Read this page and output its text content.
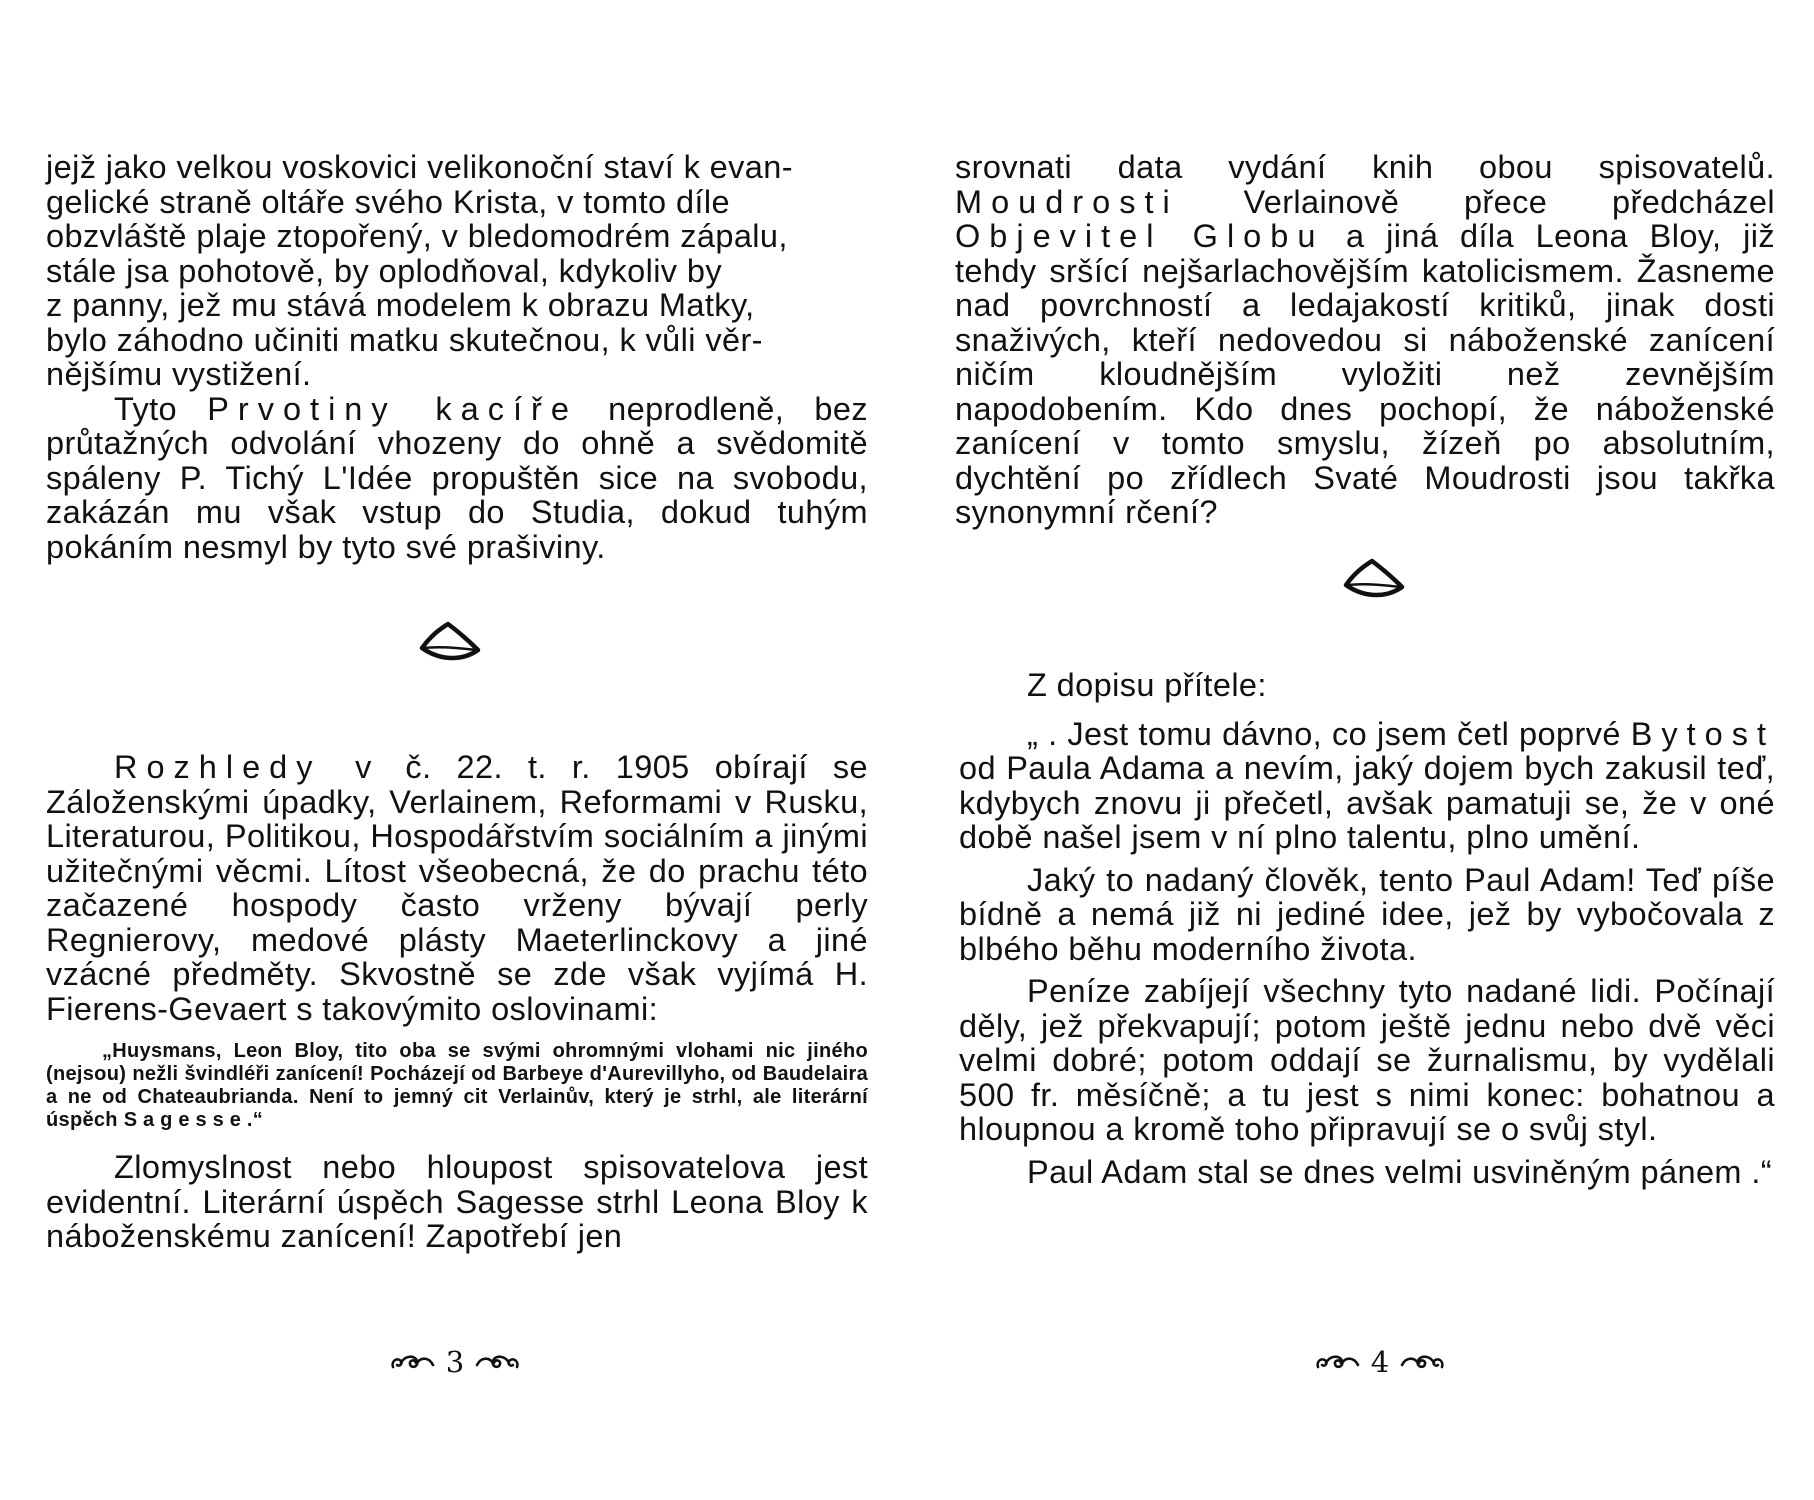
jejž jako velkou voskovici velikonoční staví k evan-
gelické straně oltáře svého Krista, v tomto díle
obzvláště plaje ztopořený, v bledomodrém zápalu,
stále jsa pohotově, by oplodňoval, kdykoliv by
z panny, jež mu stává modelem k obrazu Matky,
bylo záhodno učiniti matku skutečnou, k vůli věr-
nějšímu vystižení.

Tyto Prvotiny kacíře neprodleně, bez průtažných odvolání vhozeny do ohně a svědomitě spáleny P. Tichý L'Idée propuštěn sice na svobodu, zakázán mu však vstup do Studia, dokud tuhým pokáním nesmyl by tyto své prašiviny.

Rozhledy v č. 22. t. r. 1905 obírají se Záloženskými úpadky, Verlainem, Reformami v Rusku, Literaturou, Politikou, Hospodářstvím sociálním a jinými užitečnými věcmi. Lítost všeobecná, že do prachu této začazené hospody často vrženy bývají perly Regnierovy, medové plásty Maeterlinckovy a jiné vzácné předměty. Skvostně se zde však vyjímá H. Fierens-Gevaert s takovýmito oslovinami:

„Huysmans, Leon Bloy, tito oba se svými ohromnými vlohami nic jiného (nejsou) nežli švindléři zanícení! Pocházejí od Barbeye d'Aurevillyho, od Baudelaira a ne od Chateaubrianda. Není to jemný cit Verlainův, který je strhl, ale literární úspěch Sagesse.“

Zlomyslnost nebo hloupost spisovatelova jest evidentní. Literární úspěch Sagesse strhl Leona Bloy k náboženskému zanícení! Zapotřebí jen

3

srovnati data vydání knih obou spisovatelů. Moudrosti Verlainově přece předcházel Objevitel Globu a jiná díla Leona Bloy, již tehdy sršící nejšarlachovějším katolicismem. Žasneme nad povrchností a ledajakostí kritiků, jinak dosti snaživých, kteří nedovedou si náboženské zanícení ničím kloudnějším vyložiti než zevnějším napodobením. Kdo dnes pochopí, že náboženské zanícení v tomto smyslu, žízeň po absolutním, dychtění po zřídlech Svaté Moudrosti jsou takřka synonymní rčení?

Z dopisu přítele:

„ . Jest tomu dávno, co jsem četl poprvé Bytost od Paula Adama a nevím, jaký dojem bych zakusil teď, kdybych znovu ji přečetl, avšak pamatuji se, že v oné době našel jsem v ní plno talentu, plno umění.

Jaký to nadaný člověk, tento Paul Adam! Teď píše bídně a nemá již ni jediné idee, jež by vybočovala z blbého běhu moderního života.

Peníze zabíjejí všechny tyto nadané lidi. Počínají děly, jež překvapují; potom ještě jednu nebo dvě věci velmi dobré; potom oddají se žurnalismu, by vydělali 500 fr. měsíčně; a tu jest s nimi konec: bohatnou a hloupnou a kromě toho připravují se o svůj styl.

Paul Adam stal se dnes velmi usviněným pánem .“

4
